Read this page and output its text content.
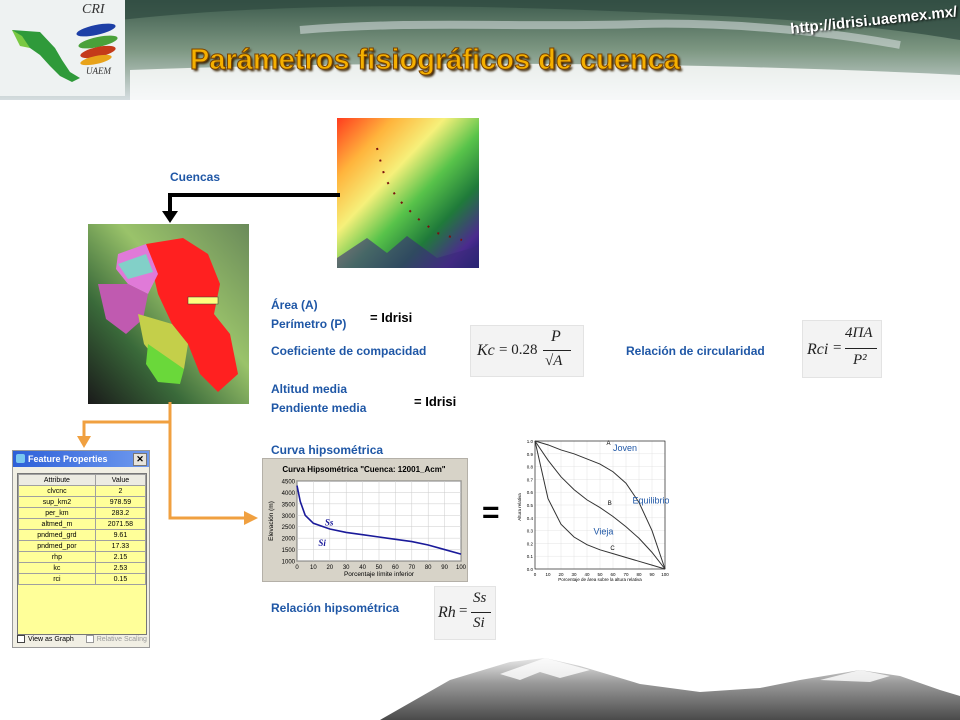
CRI
UAEM
http://idrisi.uaemex.mx/
Parámetros fisiográficos de cuenca
Cuencas
Área (A)
Perímetro (P) = Idrisi
Coeficiente de compacidad	Kc = 0.28
P
√A
Relación de circularidad	Rci =
4ΠA
P²
Altitud media
Pendiente media	= Idrisi
Curva hipsométrica
Feature Properties	✕
Attribute	Value
clvcnc	2
sup_km2	978.59
per_km	283.2
altmed_m	2071.58
pndmed_grd	9.61
pndmed_por	17.33
rhp	2.15
kc	2.53
rci	0.15
View as Graph	Relative Scaling
Curva Hipsométrica "Cuenca: 12001_Acm"
1000
1500
2000
2500
3000
3500
4000
4500
0 10 20 30 40 50 60 70 80 90 100
Porcentaje límite inferior
Elevación (m)	Ss
Si
=
0.0
0.1
0.2
0.3
0.4
0.5
0.6
0.7
0.8
0.9
1.0
0 10 20 30 40 50 60 70 80 90 100
Porcentaje de área sobre la altura relativa
Altura relativa
Joven
A
Equilibrio
B
Vieja
C
Relación hipsométrica Rh =
Ss
Si
